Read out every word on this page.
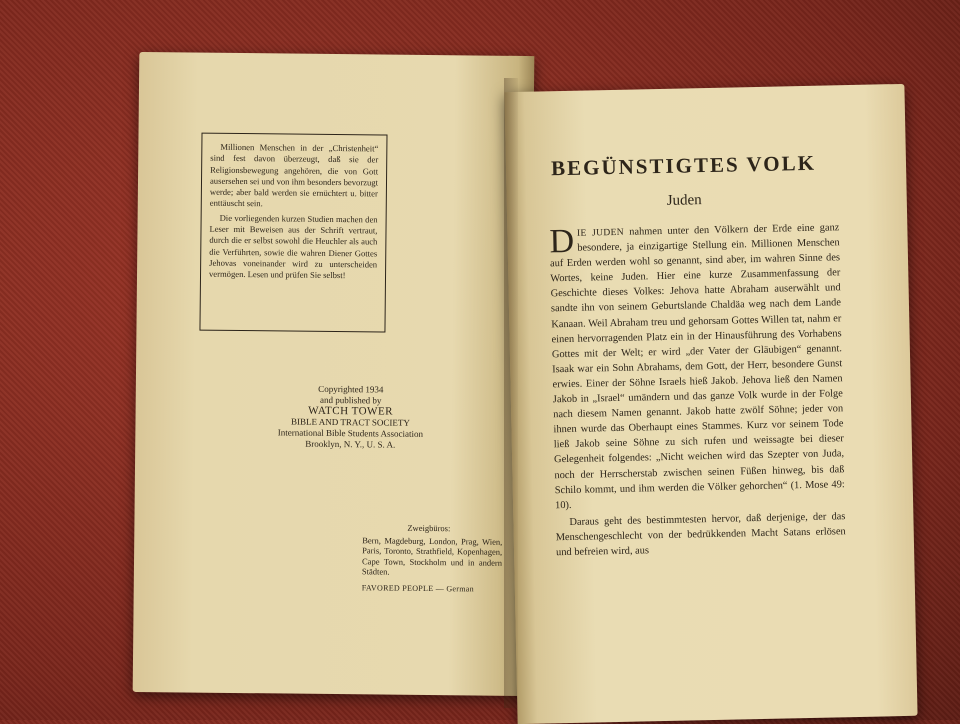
Millionen Menschen in der „Christenheit“ sind fest davon überzeugt, daß sie der Religionsbewegung angehören, die von Gott ausersehen sei und von ihm besonders bevorzugt werde; aber bald werden sie ernüchtert u. bitter enttäuscht sein.

Die vorliegenden kurzen Studien machen den Leser mit Beweisen aus der Schrift vertraut, durch die er selbst sowohl die Heuchler als auch die Verführten, sowie die wahren Diener Gottes Jehovas voneinander wird zu unterscheiden vermögen. Lesen und prüfen Sie selbst!

Copyrighted 1934
and published by
WATCH TOWER
BIBLE AND TRACT SOCIETY
International Bible Students Association
Brooklyn, N. Y., U. S. A.
Zweigbüros:
Bern, Magdeburg, London, Prag, Wien, Paris, Toronto, Strathfield, Kopenhagen, Cape Town, Stockholm und in andern Städten.
FAVORED PEOPLE — German
BEGÜNSTIGTES VOLK
Juden

DIE JUDEN nahmen unter den Völkern der Erde eine ganz besondere, ja einzigartige Stellung ein. Millionen Menschen auf Erden werden wohl so genannt, sind aber, im wahren Sinne des Wortes, keine Juden. Hier eine kurze Zusammenfassung der Geschichte dieses Volkes: Jehova hatte Abraham auserwählt und sandte ihn von seinem Geburtslande Chaldäa weg nach dem Lande Kanaan. Weil Abraham treu und gehorsam Gottes Willen tat, nahm er einen hervorragenden Platz ein in der Hinausführung des Vorhabens Gottes mit der Welt; er wird „der Vater der Gläubigen“ genannt. Isaak war ein Sohn Abrahams, dem Gott, der Herr, besondere Gunst erwies. Einer der Söhne Israels hieß Jakob. Jehova ließ den Namen Jakob in „Israel“ umändern und das ganze Volk wurde in der Folge nach diesem Namen genannt. Jakob hatte zwölf Söhne; jeder von ihnen wurde das Oberhaupt eines Stammes. Kurz vor seinem Tode ließ Jakob seine Söhne zu sich rufen und weissagte bei dieser Gelegenheit folgendes: „Nicht weichen wird das Szepter von Juda, noch der Herrscherstab zwischen seinen Füßen hinweg, bis daß Schilo kommt, und ihm werden die Völker gehorchen“ (1. Mose 49: 10).

Daraus geht des bestimmtesten hervor, daß derjenige, der das Menschengeschlecht von der bedrükkenden Macht Satans erlösen und befreien wird, aus
